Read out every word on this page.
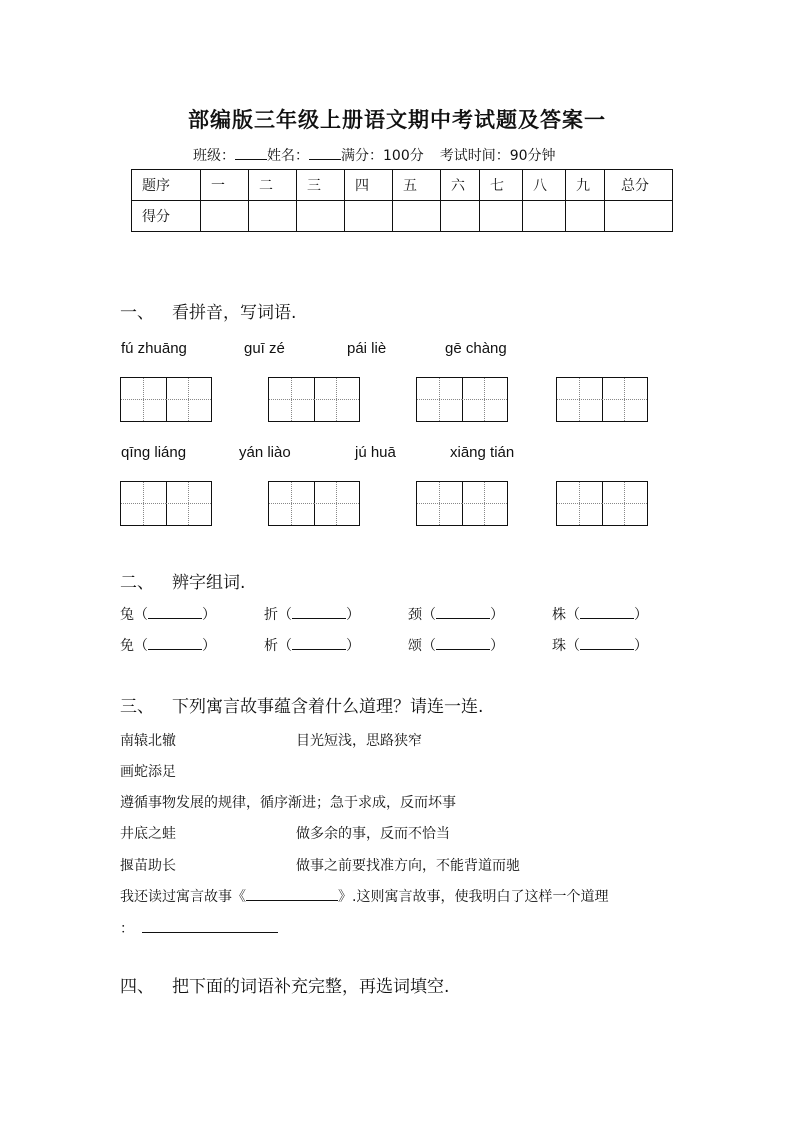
部编版三年级上册语文期中考试题及答案一
班级： 姓名： 满分：100分 考试时间：90分钟
题序	一	二	三	四	五	六	七	八	九	总分
得分										
一、 看拼音，写词语.
fú zhuāng	guī zé	pái liè	gē chàng
qīng liáng	yán liào	jú huā	xiāng tián
二、 辨字组词.
兔（	）	折（	）	颈（	）	株（	）
免（	）	析（	）	颂（	）	珠（	）
三、 下列寓言故事蕴含着什么道理？请连一连.
南辕北辙	目光短浅，思路狭窄
画蛇添足
遵循事物发展的规律，循序渐进；急于求成，反而坏事
井底之蛙	做多余的事，反而不恰当
揠苗助长	做事之前要找准方向，不能背道而驰
我还读过寓言故事《	》.这则寓言故事，使我明白了这样一个道理
：
四、 把下面的词语补充完整，再选词填空.
